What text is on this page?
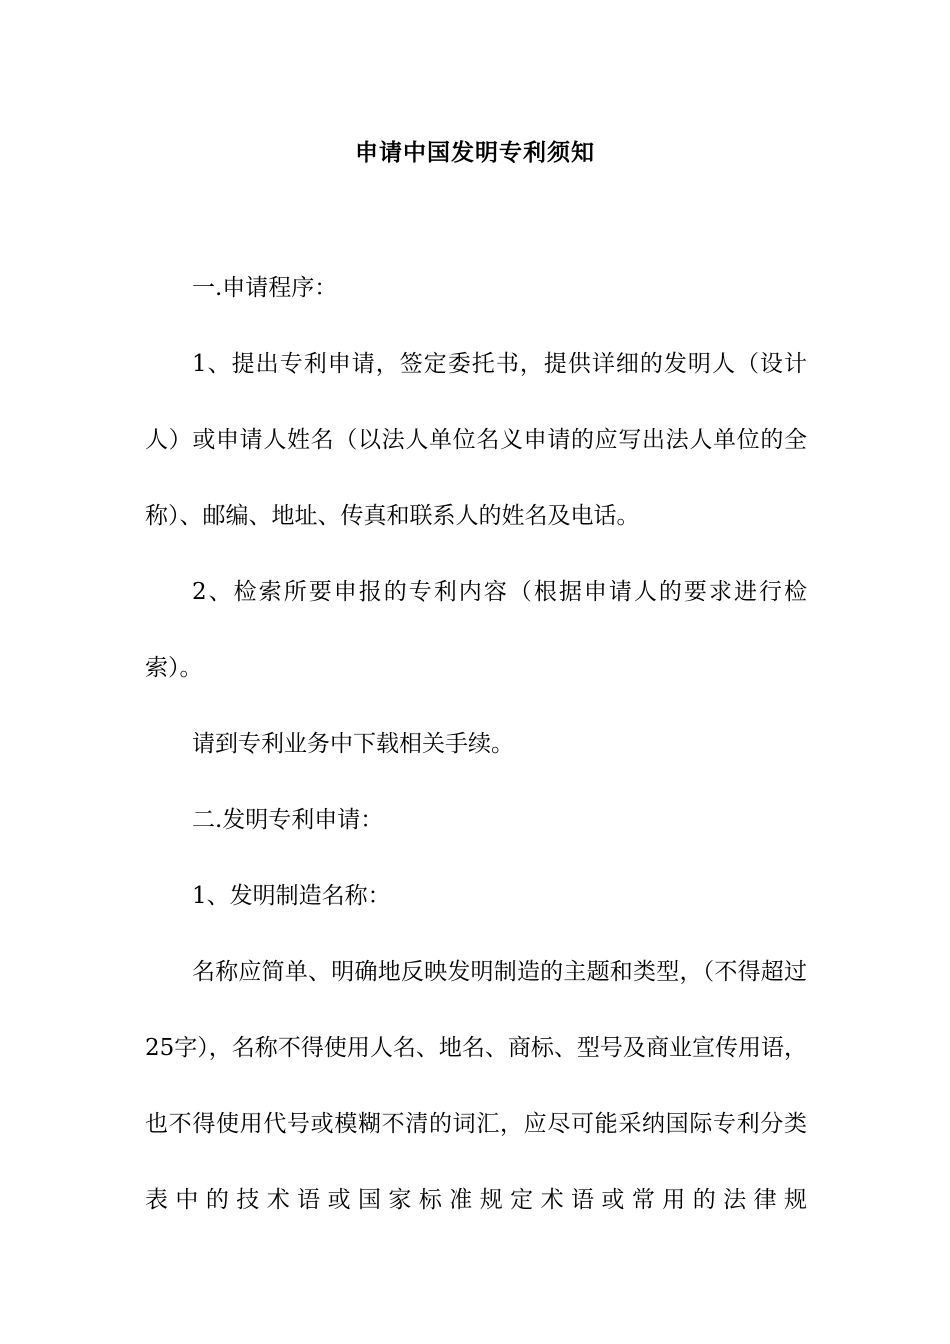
申请中国发明专利须知

一.申请程序：

1、提出专利申请，签定委托书，提供详细的发明人（设计人）或申请人姓名（以法人单位名义申请的应写出法人单位的全称）、邮编、地址、传真和联系人的姓名及电话。

2、检索所要申报的专利内容（根据申请人的要求进行检索）。

请到专利业务中下载相关手续。

二.发明专利申请：

1、发明制造名称：

名称应简单、明确地反映发明制造的主题和类型，（不得超过25字），名称不得使用人名、地名、商标、型号及商业宣传用语，也不得使用代号或模糊不清的词汇，应尽可能采纳国际专利分类表中的技术语或国家标准规定术语或常用的法律规
